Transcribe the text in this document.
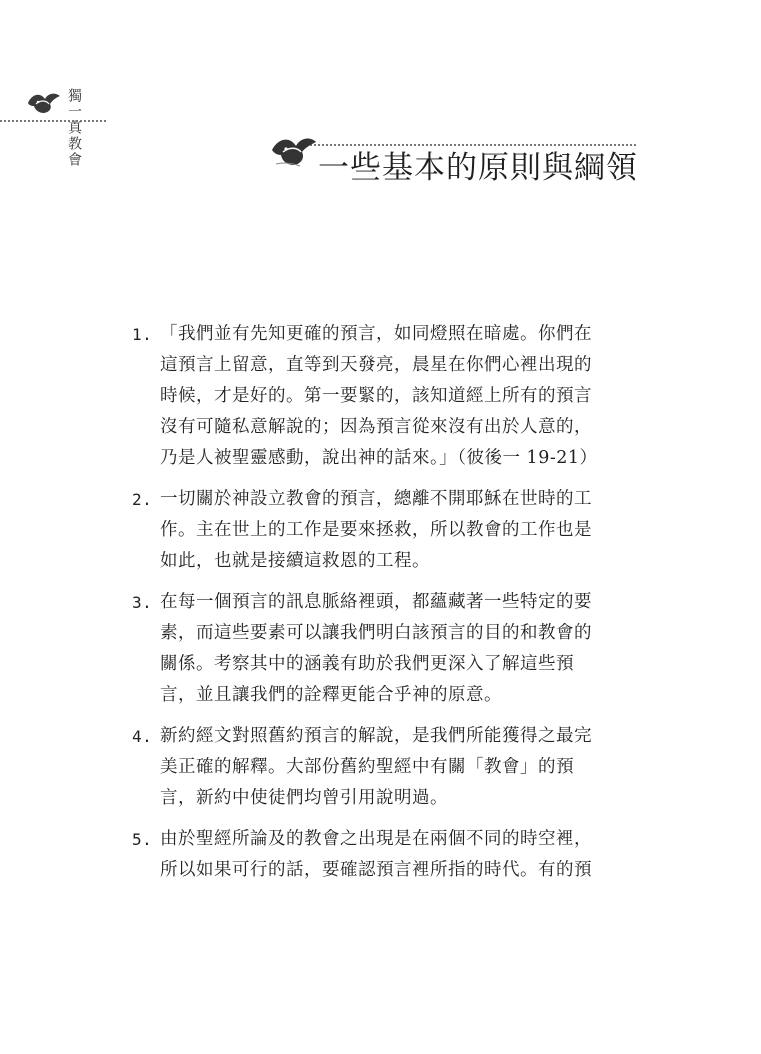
獨一真教會	一些基本的原則與綱領
1. 「我們並有先知更確的預言，如同燈照在暗處。你們在
這預言上留意，直等到天發亮，晨星在你們心裡出現的
時候，才是好的。第一要緊的，該知道經上所有的預言
沒有可隨私意解說的；因為預言從來沒有出於人意的，
乃是人被聖靈感動，說出神的話來。」（彼後一 19-21）
2. 一切關於神設立教會的預言，總離不開耶穌在世時的工
作。主在世上的工作是要來拯救，所以教會的工作也是
如此，也就是接續這救恩的工程。
3. 在每一個預言的訊息脈絡裡頭，都蘊藏著一些特定的要
素，而這些要素可以讓我們明白該預言的目的和教會的
關係。考察其中的涵義有助於我們更深入了解這些預
言，並且讓我們的詮釋更能合乎神的原意。
4. 新約經文對照舊約預言的解說，是我們所能獲得之最完
美正確的解釋。大部份舊約聖經中有關「教會」的預
言，新約中使徒們均曾引用說明過。
5. 由於聖經所論及的教會之出現是在兩個不同的時空裡，
所以如果可行的話，要確認預言裡所指的時代。有的預
